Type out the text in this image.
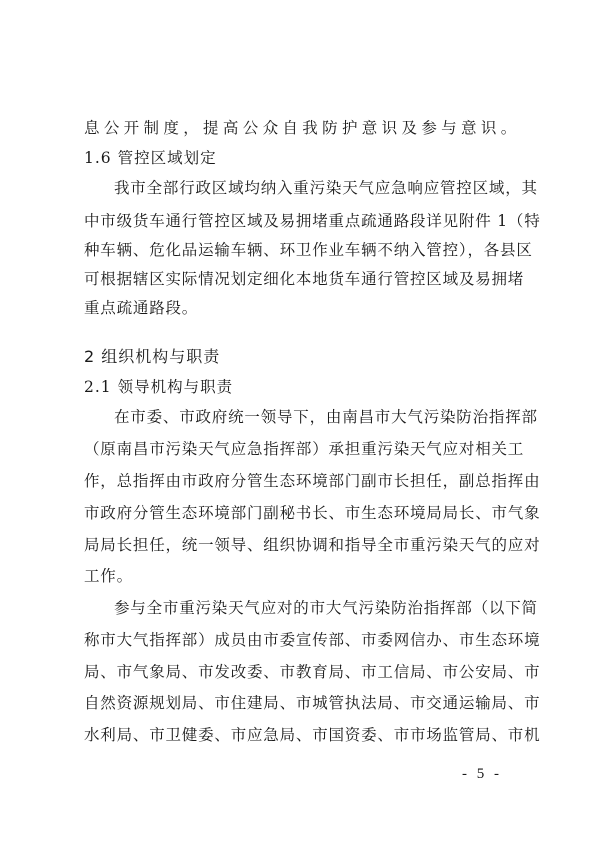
息公开制度，提高公众自我防护意识及参与意识。
1.6 管控区域划定
我市全部行政区域均纳入重污染天气应急响应管控区域，其
中市级货车通行管控区域及易拥堵重点疏通路段详见附件 1（特
种车辆、危化品运输车辆、环卫作业车辆不纳入管控），各县区
可根据辖区实际情况划定细化本地货车通行管控区域及易拥堵
重点疏通路段。
2 组织机构与职责
2.1 领导机构与职责
在市委、市政府统一领导下，由南昌市大气污染防治指挥部
（原南昌市污染天气应急指挥部）承担重污染天气应对相关工
作，总指挥由市政府分管生态环境部门副市长担任，副总指挥由
市政府分管生态环境部门副秘书长、市生态环境局局长、市气象
局局长担任，统一领导、组织协调和指导全市重污染天气的应对
工作。
参与全市重污染天气应对的市大气污染防治指挥部（以下简
称市大气指挥部）成员由市委宣传部、市委网信办、市生态环境
局、市气象局、市发改委、市教育局、市工信局、市公安局、市
自然资源规划局、市住建局、市城管执法局、市交通运输局、市
水利局、市卫健委、市应急局、市国资委、市市场监管局、市机
- 5 -
